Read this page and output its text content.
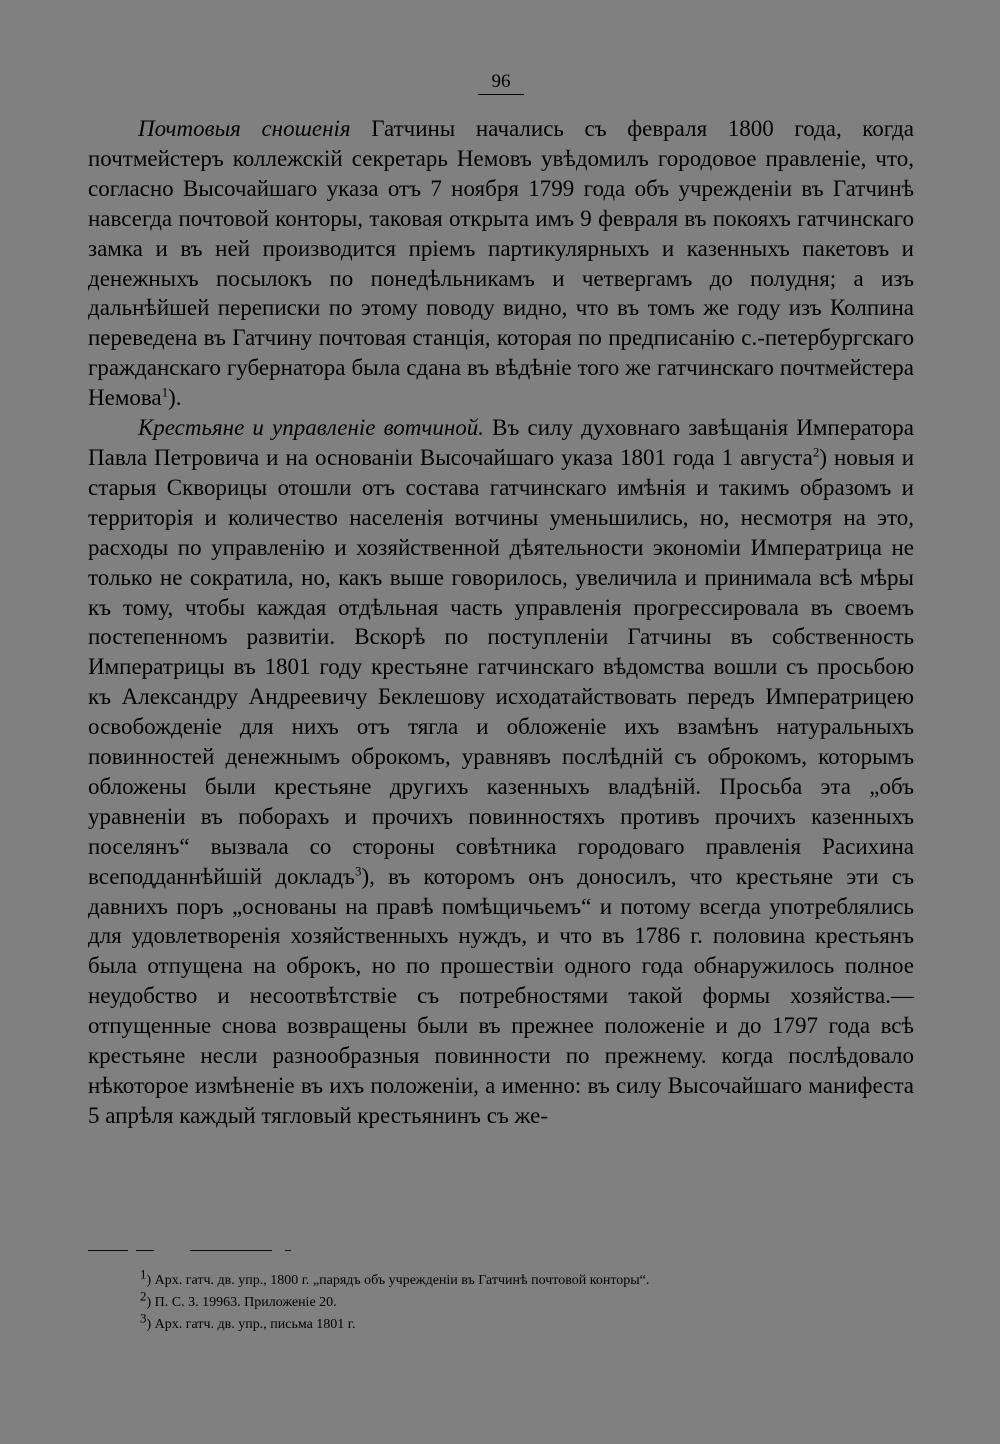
96

Почтовыя сношенія Гатчины начались съ февраля 1800 года, когда почтмейстеръ коллежскій секретарь Немовъ увѣдомилъ городовое правленіе, что, согласно Высочайшаго указа отъ 7 ноября 1799 года объ учрежденіи въ Гатчинѣ навсегда почтовой конторы, таковая открыта имъ 9 февраля въ покояхъ гатчинскаго замка и въ ней производится пріемъ партикулярныхъ и казенныхъ пакетовъ и денежныхъ посылокъ по понедѣльникамъ и четвергамъ до полудня; а изъ дальнѣйшей переписки по этому поводу видно, что въ томъ же году изъ Колпина переведена въ Гатчину почтовая станція, которая по предписанію с.-петербургскаго гражданскаго губернатора была сдана въ вѣдѣніе того же гатчинскаго почтмейстера Немова$^1$).

Крестьяне и управленіе вотчиной. Въ силу духовнаго завѣщанія Императора Павла Петровича и на основаніи Высочайшаго указа 1801 года 1 августа$^2$) новыя и старыя Скворицы отошли отъ состава гатчинскаго имѣнія и такимъ образомъ и территорія и количество населенія вотчины уменьшились, но, несмотря на это, расходы по управленію и хозяйственной дѣятельности экономіи Императрица не только не сократила, но, какъ выше говорилось, увеличила и принимала всѣ мѣры къ тому, чтобы каждая отдѣльная часть управленія прогрессировала въ своемъ постепенномъ развитіи. Вскорѣ по поступленіи Гатчины въ собственность Императрицы въ 1801 году крестьяне гатчинскаго вѣдомства вошли съ просьбою къ Александру Андреевичу Беклешову исходатайствовать передъ Императрицею освобожденіе для нихъ отъ тягла и обложеніе ихъ взамѣнъ натуральныхъ повинностей денежнымъ оброкомъ, уравнявъ послѣдній съ оброкомъ, которымъ обложены были крестьяне другихъ казенныхъ владѣній. Просьба эта „объ уравненіи въ поборахъ и прочихъ повинностяхъ противъ прочихъ казенныхъ поселянъ“ вызвала со стороны совѣтника городоваго правленія Расихина всеподданнѣйшій докладъ$^3$), въ которомъ онъ доносилъ, что крестьяне эти съ давнихъ поръ „основаны на правѣ помѣщичьемъ“ и потому всегда употреблялись для удовлетворенія хозяйственныхъ нуждъ, и что въ 1786 г. половина крестьянъ была отпущена на оброкъ, но по прошествіи одного года обнаружилось полное неудобство и несоотвѣтствіе съ потребностями такой формы хозяйства.—отпущенные снова возвращены были въ прежнее положеніе и до 1797 года всѣ крестьяне несли разнообразныя повинности по прежнему. когда послѣдовало нѣкоторое измѣненіе въ ихъ положеніи, а именно: въ силу Высочайшаго манифеста 5 апрѣля каждый тягловый крестьянинъ съ же-

$^1$) Арх. гатч. дв. упр., 1800 г. „парядъ объ учрежденіи въ Гатчинѣ почтовой конторы“.
$^2$) П. С. З. 19963. Приложеніе 20.
$^3$) Арх. гатч. дв. упр., письма 1801 г.
